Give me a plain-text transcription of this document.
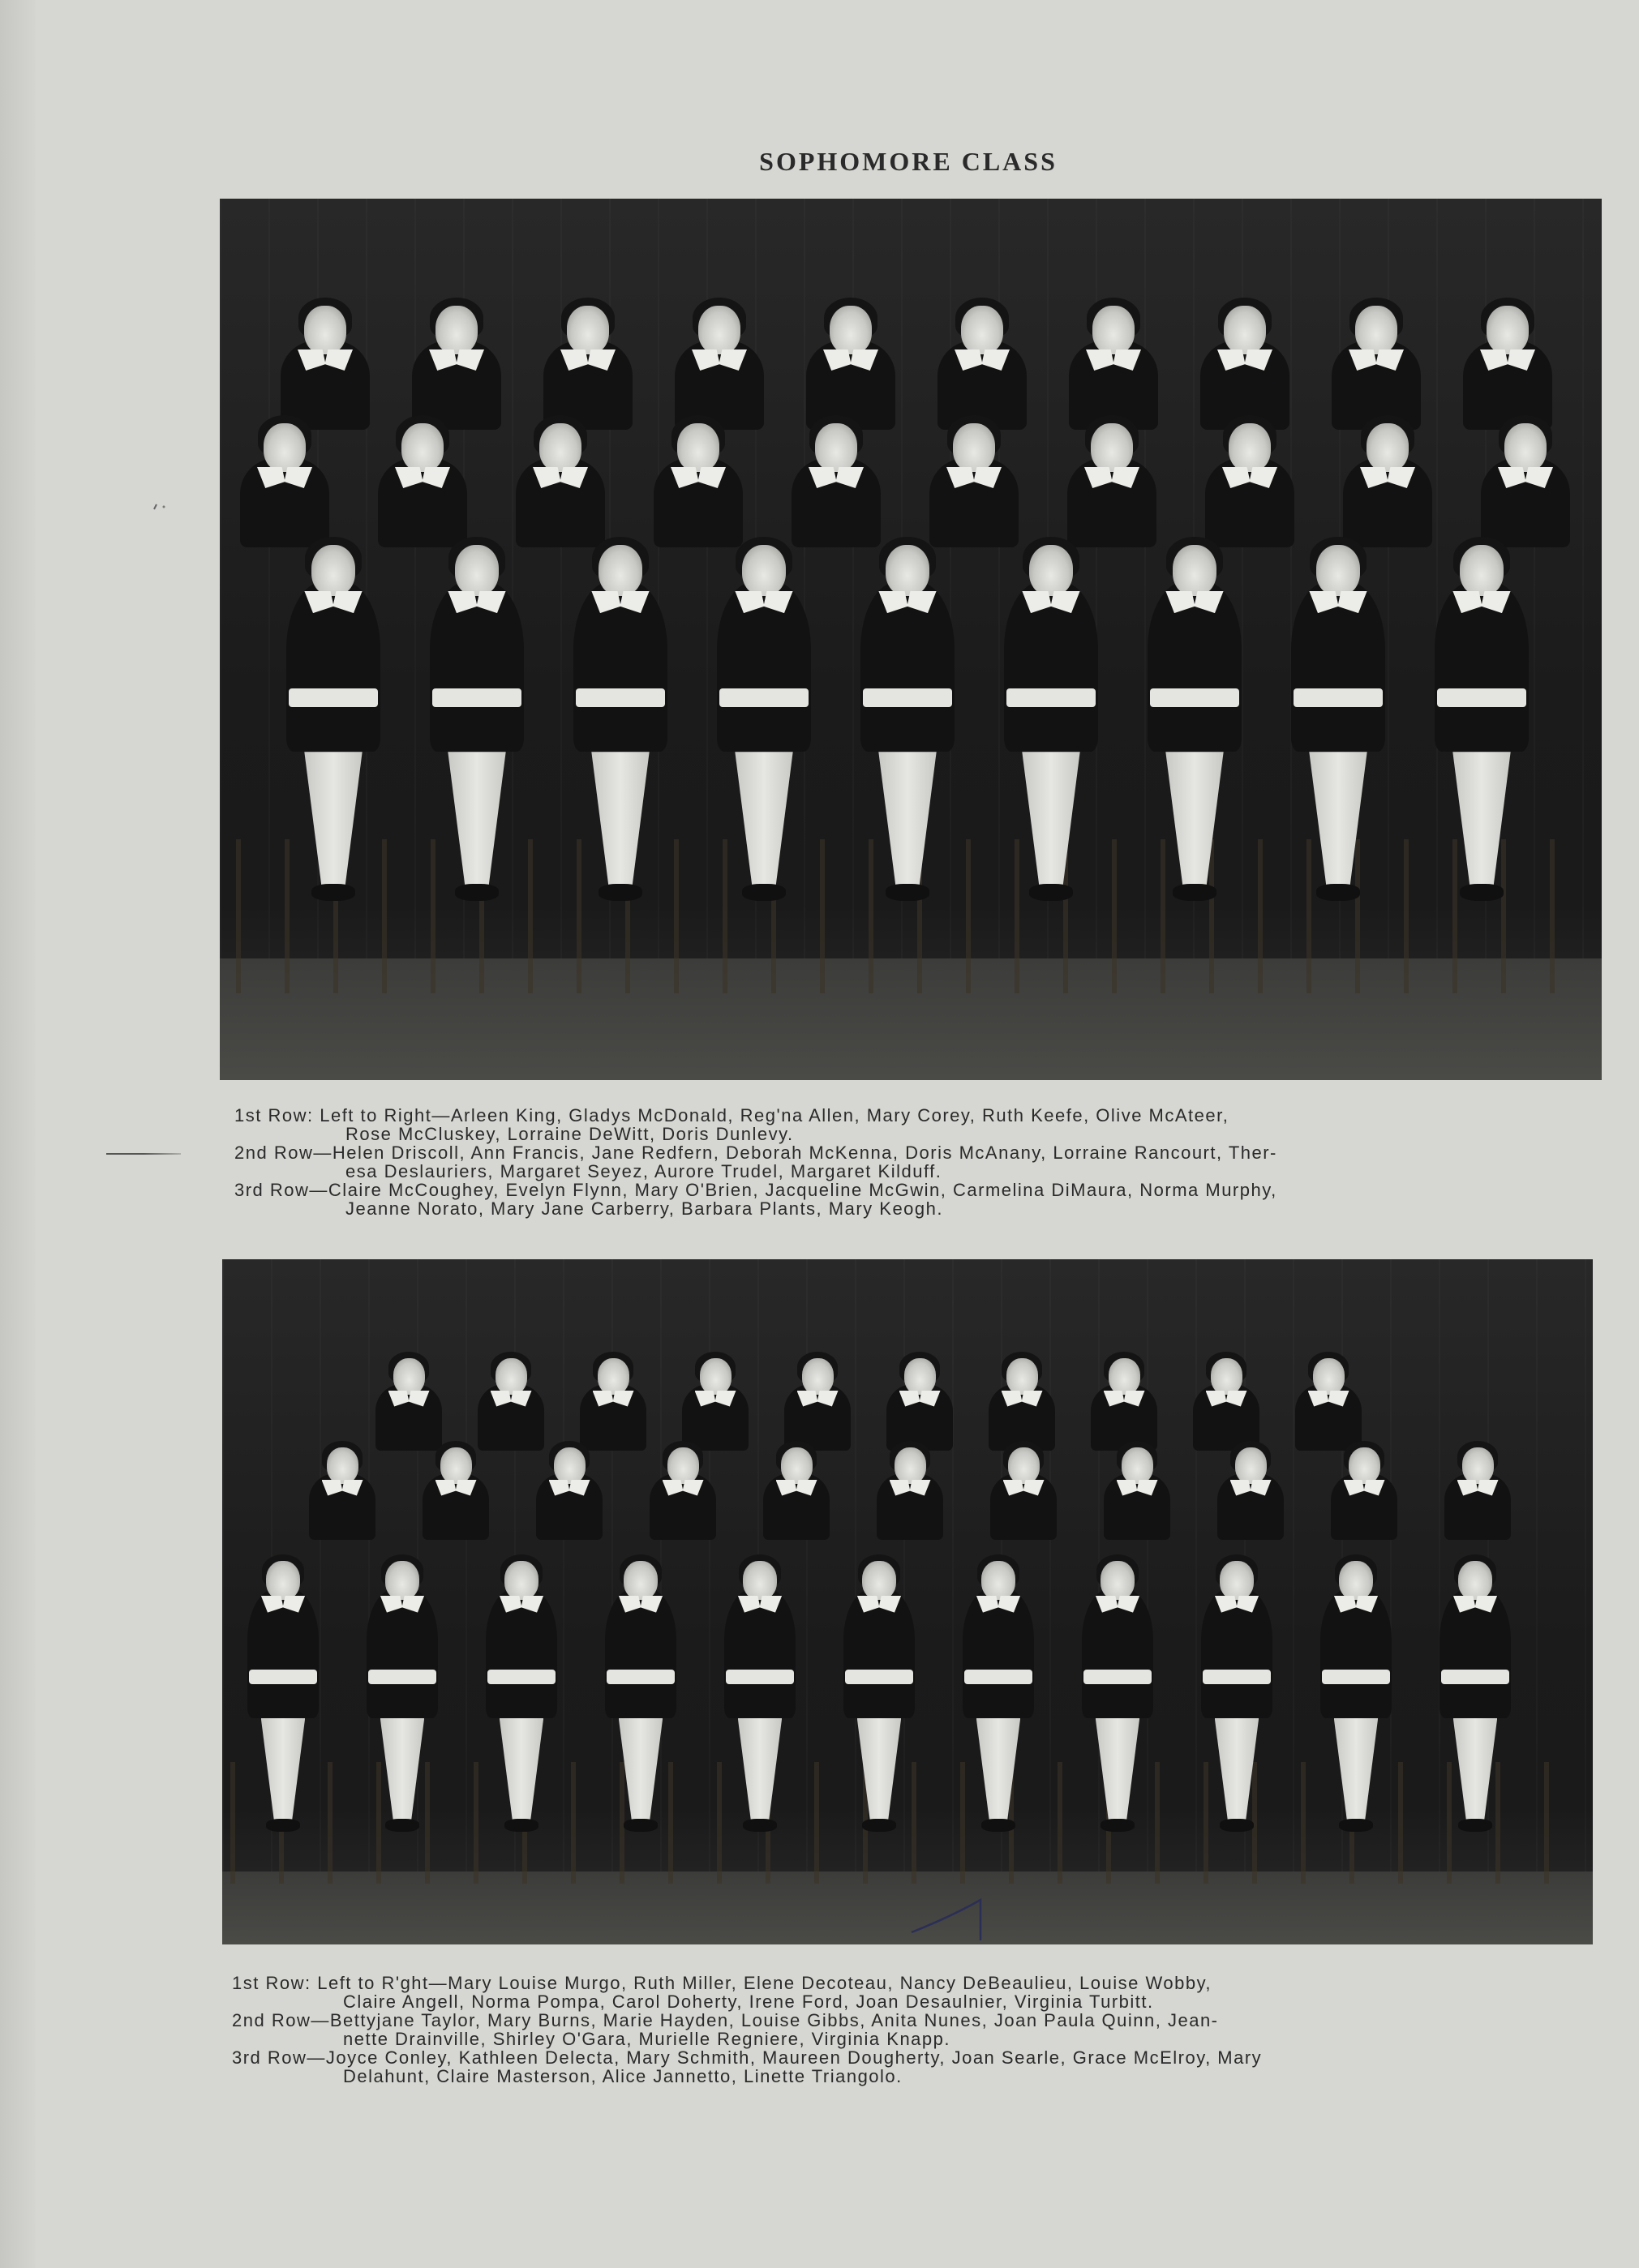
SOPHOMORE CLASS
1st Row: Left to Right—Arleen King, Gladys McDonald, Reg'na Allen, Mary Corey, Ruth Keefe, Olive McAteer,
Rose McCluskey, Lorraine DeWitt, Doris Dunlevy.
2nd Row—Helen Driscoll, Ann Francis, Jane Redfern, Deborah McKenna, Doris McAnany, Lorraine Rancourt, Ther-
esa Deslauriers, Margaret Seyez, Aurore Trudel, Margaret Kilduff.
3rd Row—Claire McCoughey, Evelyn Flynn, Mary O'Brien, Jacqueline McGwin, Carmelina DiMaura, Norma Murphy,
Jeanne Norato, Mary Jane Carberry, Barbara Plants, Mary Keogh.
1st Row: Left to R'ght—Mary Louise Murgo, Ruth Miller, Elene Decoteau, Nancy DeBeaulieu, Louise Wobby,
Claire Angell, Norma Pompa, Carol Doherty, Irene Ford, Joan Desaulnier, Virginia Turbitt.
2nd Row—Bettyjane Taylor, Mary Burns, Marie Hayden, Louise Gibbs, Anita Nunes, Joan Paula Quinn, Jean-
nette Drainville, Shirley O'Gara, Murielle Regniere, Virginia Knapp.
3rd Row—Joyce Conley, Kathleen Delecta, Mary Schmith, Maureen Dougherty, Joan Searle, Grace McElroy, Mary
Delahunt, Claire Masterson, Alice Jannetto, Linette Triangolo.
